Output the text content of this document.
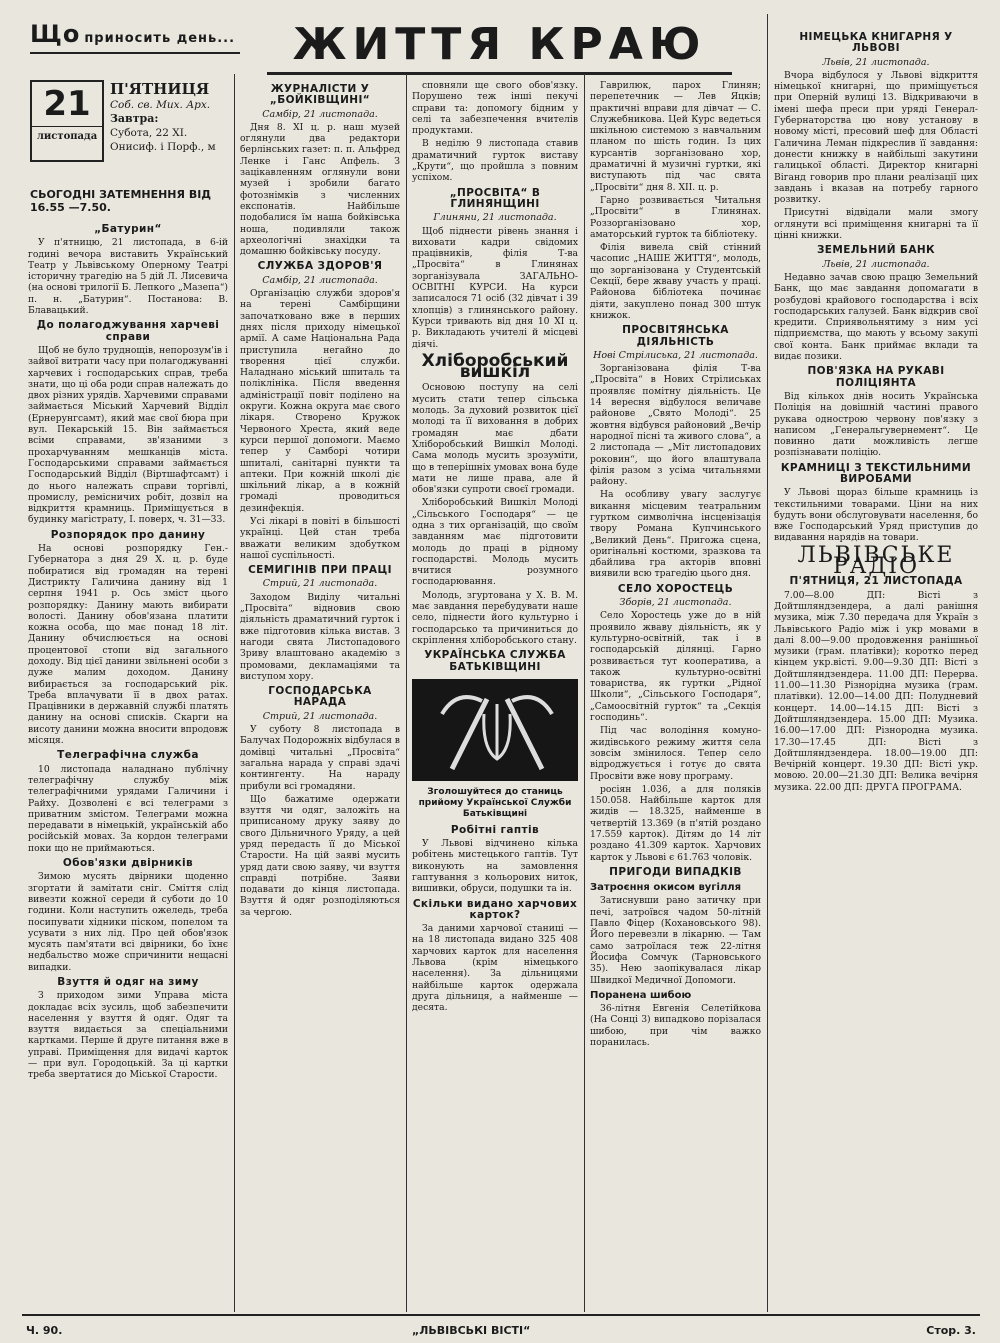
Що приносить день...
21
листопада
П'ЯТНИЦЯ
Соб. св. Мих. Арх.
Завтра:
Субота, 22 XI.
Онисиф. і Порф., м
СЬОГОДНІ ЗАТЕМНЕННЯ ВІД 16.55 —7.50.
ЖИТТЯ КРАЮ
„Батурин“

У п'ятницю, 21 листопада, в 6-ій годині вечора виставить Український Театр у Львівському Оперному Театрі історичну трагедію на 5 дій Л. Лисевича (на основі трилогії Б. Лепкого „Мазепа“) п. н. „Батурин“. Постанова: В. Блавацький.

До полагоджування харчеві справи

Щоб не було труднощів, непорозум'ів і зайвої витрати часу при полагоджуванні харчевих і господарських справ, треба знати, що ці оба роди справ належать до двох різних урядів. Харчевими справами займається Міський Харчевий Відділ (Ернерунгсамт), який має свої бюра при вул. Пекарській 15. Він займається всіми справами, зв'язаними з прохарчуванням мешканців міста. Господарськими справами займається Господарський Відділ (Віртшафтсамт) і до нього належать справи торгівлі, промислу, ремісничих робіт, дозвіл на відкриття крамниць. Приміщується в будинку магістрату, І. поверх, ч. 31—33.

Розпорядок про данину

На основі розпорядку Ген.-Губернатора з дня 29 Х. ц. р. буде побиратися від громадян на терені Дистрикту Галичина данину від 1 серпня 1941 р. Ось зміст цього розпорядку: Данину мають вибирати волості. Данину обов'язана платити кожна особа, що має понад 18 літ. Данину обчислюється на основі процентової стопи від загального доходу. Від цієї данини звільнені особи з дуже малим доходом. Данину вибирається за господарський рік. Треба вплачувати її в двох ратах. Працівники в державній службі платять данину на основі списків. Скарги на висоту данини можна вносити впродовж місяця.

Телеграфічна служба

10 листопада наладнано публічну телеграфічну службу між телеграфічними урядами Галичини і Райху. Дозволені є всі телеграми з приватним змістом. Телеграми можна передавати в німецькій, українській або російській мовах. За кордон телеграми поки що не приймаються.

Обов'язки двірників

Зимою мусять двірники щоденно згортати й замітати сніг. Сміття слід вивезти кожної середи й суботи до 10 години. Коли наступить ожеледь, треба посипувати хідники піском, попелом та усувати з них лід. Про цей обов'язок мусять пам'ятати всі двірники, бо їхнє недбальство може спричинити нещасні випадки.

Взуття й одяг на зиму

З приходом зими Управа міста докладає всіх зусиль, щоб забезпечити населення у взуття й одяг. Одяг та взуття видається за спеціальними картками. Перше й друге питання вже в управі. Приміщення для видачі карток — при вул. Городоцькій. За ці картки треба звертатися до Міської Старости.

ЖУРНАЛІСТИ У „БОЙКІВЩИНІ“
Самбір, 21 листопада.

Дня 8. XI ц. р. наш музей оглянули два редактори берлінських газет: п. п. Альфред Ленке і Ганс Апфель. З зацікавленням оглянули вони музей і зробили багато фотознімків з численних експонатів. Найбільше подобалися їм наша бойківська ноша, подивляли також археологічні знахідки та домашню бойківську посуду.

СЛУЖБА ЗДОРОВ'Я
Самбір, 21 листопада.

Організацію служби здоров'я на терені Самбірщини започатковано вже в перших днях після приходу німецької армії. А саме Національна Рада приступила негайно до творення цієї служби. Наладнано міський шпиталь та поліклініка. Після введення адміністрації повіт поділено на округи. Кожна округа має свого лікаря. Створено Кружок Червоного Хреста, який веде курси першої допомоги. Маємо тепер у Самборі чотири шпиталі, санітарні пункти та аптеки. При кожній школі діє шкільний лікар, а в кожній громаді проводиться дезинфекція.

Усі лікарі в повіті в більшості українці. Цей стан треба вважати великим здобутком нашої суспільності.

СЕМИГІНІВ ПРИ ПРАЦІ
Стрий, 21 листопада.

Заходом Виділу читальні „Просвіта“ відновив свою діяльність драматичний гурток і вже підготовив кілька вистав. З нагоди свята Листопадового Зриву влаштовано академію з промовами, декламаціями та виступом хору.

ГОСПОДАРСЬКА НАРАДА
Стрий, 21 листопада.

У суботу 8 листопада в Балучах Подорожніх відбулася в домівці читальні „Просвіта“ загальна нарада у справі здачі контингенту. На нараду прибули всі громадяни.

Що бажатиме одержати взуття чи одяг, заложіть на приписаному друку заяву до свого Дільничного Уряду, а цей уряд передасть її до Міської Старости. На цій заяві мусить уряд дати свою заяву, чи взуття справді потрібне. Заяви подавати до кінця листопада. Взуття й одяг розподіляються за чергою.

сповняли ще свого обов'язку. Порушено теж інші пекучі справи та: допомогу бідним у селі та забезпечення вчителів продуктами.

В неділю 9 листопада ставив драматичний гурток виставу „Крути“, що пройшла з повним успіхом.

„ПРОСВІТА“ В ГЛИНЯНЩИНІ
Глиняни, 21 листопада.

Щоб піднести рівень знання і виховати кадри свідомих працівників, філія Т-ва „Просвіта“ в Глинянах зорганізувала ЗАГАЛЬНО-ОСВІТНІ КУРСИ. На курси записалося 71 осіб (32 дівчат і 39 хлопців) з глинянського району. Курси тривають від дня 10 ХІ ц. р. Викладають учителі й місцеві діячі.

Хліборобський вишкіл

Основою поступу на селі мусить стати тепер сільська молодь. За духовий розвиток цієї молоді та її виховання в добрих громадян має дбати Хліборобський Вишкіл Молоді. Сама молодь мусить зрозуміти, що в теперішніх умовах вона буде мати не лише права, але й обов'язки супроти своєї громади.

Хліборобський Вишкіл Молоді „Сільського Господаря“ — це одна з тих організацій, що своїм завданням має підготовити молодь до праці в рідному господарстві. Молодь мусить вчитися розумного господарювання.

Молодь, згуртована у Х. В. М. має завдання перебудувати наше село, піднести його культурно і господарсько та причиниться до скріплення хліборобського стану.

УКРАЇНСЬКА СЛУЖБА БАТЬКІВЩИНІ
Зголошуйтеся до станиць прийому Української Служби Батьківщині
Робітні гаптів

У Львові відчинено кілька робітень мистецького гаптів. Тут виконують на замовлення гаптування з кольорових ниток, вишивки, обруси, подушки та ін.

Скільки видано харчових карток?

За даними харчової станиці — на 18 листопада видано 325 408 харчових карток для населення Львова (крім німецького населення). За дільницями найбільше карток одержала друга дільниця, а найменше — десята.

Гаврилюк, парох Глинян; перепетечник — Лев Яцків; практичні вправи для дівчат — С. Служебникова. Цей Курс ведеться шкільною системою з навчальним планом по шість годин. Із цих курсантів зорганізовано хор, драматичні й музичні гуртки, які виступають під час свята „Просвіти“ дня 8. ХІІ. ц. р.

Гарно розвивається Читальня „Просвіти“ в Глинянах. Роззорганізовано хор, аматорський гурток та бібліотеку.

Філія вивела свій стінний часопис „НАШЕ ЖИТТЯ“, молодь, що зорганізована у Студентській Секції, бере жваву участь у праці. Районова бібліотека починає діяти, закуплено понад 300 штук книжок.

ПРОСВІТЯНСЬКА ДІЯЛЬНІСТЬ
Нові Стрілиська, 21 листопада.

Зорганізована філія Т-ва „Просвіта“ в Нових Стрілиськах проявляє помітну діяльність. Це 14 вересня відбулося величаве районове „Свято Молоді“. 25 жовтня відбувся районовий „Вечір народної пісні та живого слова“, а 2 листопада — „Міт листопадових роковин“, що його влаштувала філія разом з усіма читальнями району.

На особливу увагу заслугує викання місцевим театральним гуртком символічна інсценізація твору Романа Купчинського „Великий День“. Пригожа сцена, оригінальні костюми, зразкова та дбайлива гра акторів вповні виявили всю трагедію цього дня.

СЕЛО ХОРОСТЕЦЬ
Зборів, 21 листопада.

Село Хоростець уже до в ній проявило жваву діяльність, як у культурно-освітній, так і в господарській ділянці. Гарно розвивається тут кооператива, а також культурно-освітні товариства, як гуртки „Рідної Школи“, „Сільського Господаря“, „Самоосвітній гурток“ та „Секція господинь“.

Під час володіння комуно-жидівського режиму життя села зовсім змінилося. Тепер село відроджується і готує до свята Просвіти вже нову програму.

росіян 1.036, а для поляків 150.058. Найбільше карток для жидів — 18.325, найменше в четвертій 13.369 (в п'ятій роздано 17.559 карток). Дітям до 14 літ роздано 41.309 карток. Харчових карток у Львові є 61.763 чоловік.

ПРИГОДИ ВИПАДКІВ
Затроєння окисом вугілля

Затиснувши рано затичку при печі, затроївся чадом 50-літній Павло Фіцер (Кохановського 98). Його перевезли в лікарню. — Там само затроїлася теж 22-літня Йосифа Сомчук (Тарновського 35). Нею заопікувалася лікар Швидкої Медичної Допомоги.

Поранена шибою

36-літня Евгенія Селетійкова (На Сонці 3) випадково порізалася шибою, при чім важко поранилась.

НІМЕЦЬКА КНИГАРНЯ У ЛЬВОВІ
Львів, 21 листопада.

Вчора відбулося у Львові відкриття німецької книгарні, що приміщується при Оперній вулиці 13. Відкриваючи в імені шефа преси при уряді Генерал-Губернаторства цю нову установу в новому місті, пресовий шеф для Області Галичина Леман підкреслив її завдання: донести книжку в найбільші закутини галицької області. Директор книгарні Віганд говорив про плани реалізації цих завдань і вказав на потребу гарного розвитку.

Присутні відвідали мали змогу оглянути всі приміщення книгарні та її цінні книжки.

ЗЕМЕЛЬНИЙ БАНК
Львів, 21 листопада.

Недавно зачав свою працю Земельний Банк, що має завдання допомагати в розбудові крайового господарства і всіх господарських галузей. Банк відкрив свої кредити. Сприявольнятиму з ним усі підприємства, що мають у всьому закупі свої конта. Банк приймає вклади та видає позики.

ПОВ'ЯЗКА НА РУКАВІ ПОЛІЦІЯНТА

Від кількох днів носить Українська Поліція на довішній частині правого рукава однострою червону пов'язку з написом „Генеральгувернемент“. Це повинно дати можливість легше розпізнавати поліцію.

КРАМНИЦІ З ТЕКСТИЛЬНИМИ ВИРОБАМИ

У Львові щораз більше крамниць із текстильними товарами. Ціни на них будуть вони обслуговувати населення, бо вже Господарський Уряд приступив до видавання нарядів на товари.

ЛЬВІВСЬКЕ РАДІО
П'ЯТНИЦЯ, 21 ЛИСТОПАДА

7.00—8.00 ДП: Вісті з Дойтшляндзендера, а далі ранішня музика, між 7.30 передача для Україн з Львівського Радіо між і укр мовами в далі 8.00—9.00 продовження ранішньої музики (грам. платівки); коротко перед кінцем укр.вісті. 9.00—9.30 ДП: Вісті з Дойтшляндзендера. 11.00 ДП: Перерва. 11.00—11.30 Різнорідна музика (грам. платівки). 12.00—14.00 ДП: Полудневий концерт. 14.00—14.15 ДП: Вісті з Дойтшляндзендера. 15.00 ДП: Музика. 16.00—17.00 ДП: Різнородна музика. 17.30—17.45 ДП: Вісті з Дойтшляндзендера. 18.00—19.00 ДП: Вечірній концерт. 19.30 ДП: Вісті укр. мовою. 20.00—21.30 ДП: Велика вечірня музика. 22.00 ДП: ДРУГА ПРОГРАМА.

Ч. 90.	„ЛЬВІВСЬКІ ВІСТІ“	Стор. 3.
